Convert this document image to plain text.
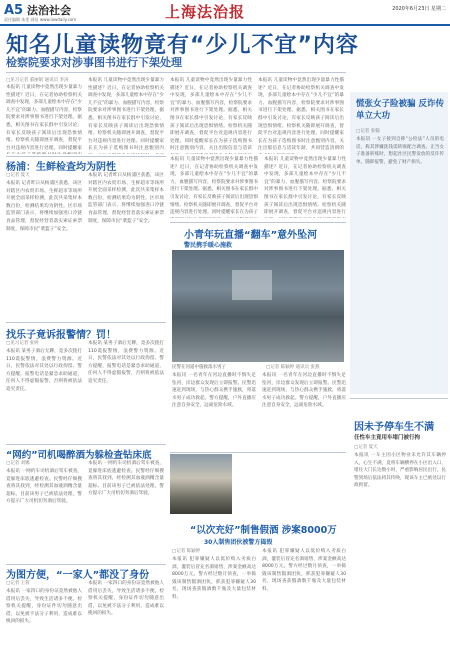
A5 法治社会
责任编辑 朱雯 网址 www.lawdaily.com	上海法治报	2020年6月23日 星期二
知名儿童读物竟有“少儿不宜”内容
检察院要求对涉事图书进行下架处理
□见习记者 董丽娟 通讯员 李涛
本报讯 儿童读物中竟然出现少量暴力性描述？近日，在记者协助检察机关调查中发现，多部儿童绘本中存在“少儿不宜”的暴力、血腥描写内容，检察院要求对涉事图书进行下架处理。据悉，相关图书在家长群中引发讨论，有家长反映孩子阅读后出现恐惧情绪。检察机关随即展开调查，督促平台对违规内容进行处理。同时提醒家
本报讯 儿童读物中竟然出现少量暴力性描述？近日，在记者协助检察机关调查中发现，多部儿童绘本中存在“少儿不宜”的暴力、血腥描写内容，检察院要求对涉事图书进行下架处理。据悉，相关图书在家长群中引发讨论，有家长反映孩子阅读后出现恐惧情绪。检察机关随即展开调查，督促平台对违规内容进行处理。同时提醒家长在为孩子选购图书时注意甄别内
本报讯 儿童读物中竟然出现少量暴力性描述？近日，在记者协助检察机关调查中发现，多部儿童绘本中存在“少儿不宜”的暴力、血腥描写内容，检察院要求对涉事图书进行下架处理。据悉，相关图书在家长群中引发讨论，有家长反映孩子阅读后出现恐惧情绪。检察机关随即展开调查，督促平台对违规内容进行处理。同时提醒家长在为孩子选购图书时注意甄别内容，关注出版信息与适读
本报讯 儿童读物中竟然出现少量暴力性描述？近日，在记者协助检察机关调查中发现，多部儿童绘本中存在“少儿不宜”的暴力、血腥描写内容，检察院要求对涉事图书进行下架处理。据悉，相关图书在家长群中引发讨论，有家长反映孩子阅读后出现恐惧情绪。检察机关随即展开调查，督促平台对违规内容进行处理。同时提醒家长在为孩子选购图书时注意甄别内容，关注出版信息与适读年龄，共同营造清朗的
杨浦：生鲜检查均为阴性
□记者 夏天
本报讯 记者昨日从杨浦区获悉，该区对辖区内农贸市场、生鲜超市等场所开展全面采样检测，此次共采集样本数百份，检测结果均为阴性。区市场监管部门表示，将继续加强进口冷链食品管理，督促经营者落实索证索票制度，保障市民“菜篮子”安全。
本报讯 记者昨日从杨浦区获悉，该区对辖区内农贸市场、生鲜超市等场所开展全面采样检测，此次共采集样本数百份，检测结果均为阴性。区市场监管部门表示，将继续加强进口冷链食品管理，督促经营者落实索证索票制度，保障市民“菜篮子”安全。
找乐子竟诉报警情？罚！
□见习记者 张婷
本报讯 某男子酒后无聊，竟多次拨打110谎报警情，浪费警力资源。近日，民警依法对其处以行政拘留。警方提醒，报警电话是紧急求助通道，任何人不得虚假报警，否则将被依法追究责任。
本报讯 某男子酒后无聊，竟多次拨打110谎报警情，浪费警力资源。近日，民警依法对其处以行政拘留。警方提醒，报警电话是紧急求助通道，任何人不得虚假报警，否则将被依法追究责任。
“网约”司机喝醉酒为躲检查钻床底
□记者 刘娜
本报讯 一网约车司机酒后驾车被查，竟躲进床底逃避检查。民警经仔细搜查将其找到，经检测其血液酒精含量超标。目前该男子已被依法处理，警方提示广大司机切勿酒后驾驶。
本报讯 一网约车司机酒后驾车被查，竟躲进床底逃避检查。民警经仔细搜查将其找到，经检测其血液酒精含量超标。目前该男子已被依法处理，警方提示广大司机切勿酒后驾驶。
为图方便，“一家人”都没了身份
□记者 王蓉
本报讯 一家四口的身份证竟然被他人借用后丢失，导致生活诸多不便。检察机关提醒，身份证件切勿随意出借，以免被不法分子利用，造成难以挽回的损失。
本报讯 一家四口的身份证竟然被他人借用后丢失，导致生活诸多不便。检察机关提醒，身份证件切勿随意出借，以免被不法分子利用，造成难以挽回的损失。
本报讯 儿童读物中竟然出现少量暴力性描述？近日，在记者协助检察机关调查中发现，多部儿童绘本中存在“少儿不宜”的暴力、血腥描写内容，检察院要求对涉事图书进行下架处理。据悉，相关图书在家长群中引发讨论，有家长反映孩子阅读后出现恐惧情绪。检察机关随即展开调查，督促平台对违规内容进行处理。同时提醒家长在为孩子
本报讯 儿童读物中竟然出现少量暴力性描述？近日，在记者协助检察机关调查中发现，多部儿童绘本中存在“少儿不宜”的暴力、血腥描写内容，检察院要求对涉事图书进行下架处理。据悉，相关图书在家长群中引发讨论，有家长反映孩子阅读后出现恐惧情绪。检察机关随即展开调查，督促平台对违规内容进行
小青年玩直播“翻车”意外坠河
警民携手暖心施救
民警在河道中施救落水男子	□记者 陈颖婷 通讯员 张燕
本报讯 一名青年在河边直播时不慎失足坠河，岸边群众发现后立即报警。民警迅速赶到现场，与热心群众携手施救，将落水男子成功救起。警方提醒，户外直播应注意自身安全，远离危险水域。
本报讯 一名青年在河边直播时不慎失足坠河，岸边群众发现后立即报警。民警迅速赶到现场，与热心群众携手施救，将落水男子成功救起。警方提醒，户外直播应注意自身安全，远离危险水域。
“以次充好”制售假酒 涉案8000万
30人制售团伙被警方捣毁
□记者 陈颖婷
本报讯 犯罪嫌疑人以低价购入劣质白酒，灌装后冒充名酒销售，涉案金额高达8000万元。警方经过数月侦查，一举捣毁该制售假酒团伙，抓获犯罪嫌疑人30名，现场查获假酒数千瓶及大量包装材料。
本报讯 犯罪嫌疑人以低价购入劣质白酒，灌装后冒充名酒销售，涉案金额高达8000万元。警方经过数月侦查，一举捣毁该制售假酒团伙，抓获犯罪嫌疑人30名，现场查获假酒数千瓶及大量包装材料。
慌张女子险被骗 反诈传单立大功
□记者 张翰
本报讯 一女子接到自称“公检法”人员的电话，称其涉嫌洗钱需转账配合调查。正当女子准备转账时，想起社区民警发放的反诈传单，随即报警，避免了财产损失。
因未予停车生不满
任性车主竟用车堵门被行拘
□记者 夏天
本报讯 一车主因小区物业未允许其车辆停入，心生不满，竟将车辆横停在小区出入口，堵住大门长达数小时，严重影响居民出行。民警到场后依法将其传唤，现该车主已被处以行政拘留。
